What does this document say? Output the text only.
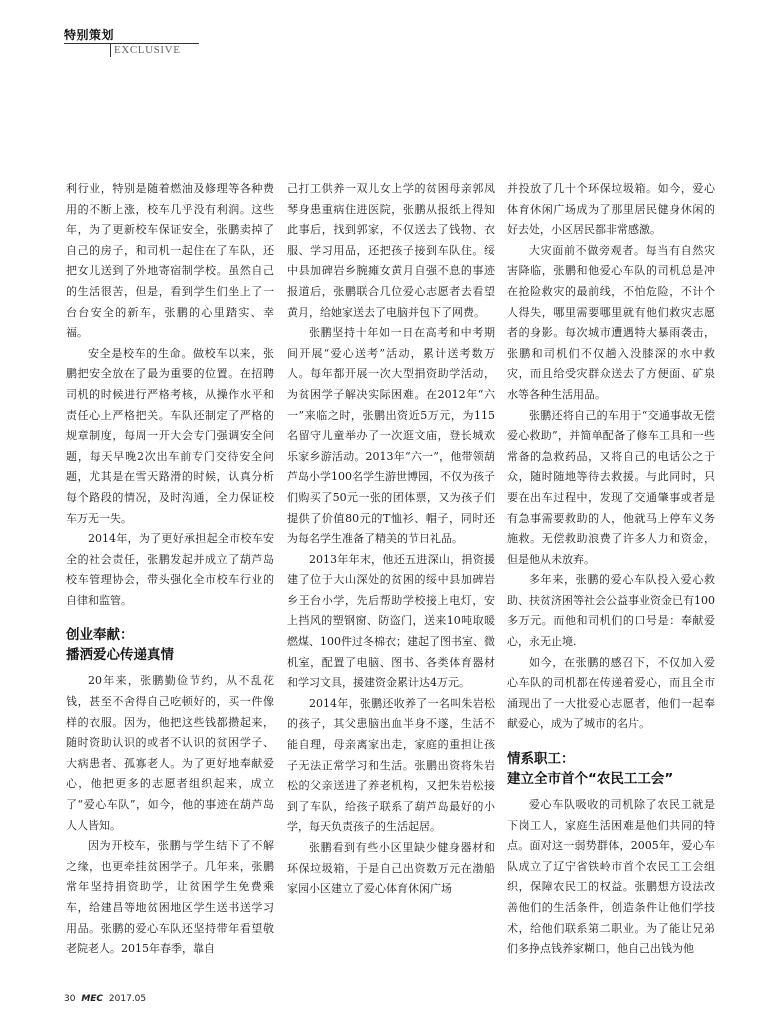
特别策划
EXCLUSIVE

利行业，特别是随着燃油及修理等各种费用的不断上涨，校车几乎没有利润。这些年，为了更新校车保证安全，张鹏卖掉了自己的房子，和司机一起住在了车队，还把女儿送到了外地寄宿制学校。虽然自己的生活很苦，但是，看到学生们坐上了一台台安全的新车，张鹏的心里踏实、幸福。

安全是校车的生命。做校车以来，张鹏把安全放在了最为重要的位置。在招聘司机的时候进行严格考核，从操作水平和责任心上严格把关。车队还制定了严格的规章制度，每周一开大会专门强调安全问题，每天早晚2次出车前专门交待安全问题，尤其是在雪天路滑的时候，认真分析每个路段的情况，及时沟通，全力保证校车万无一失。

2014年，为了更好承担起全市校车安全的社会责任，张鹏发起并成立了葫芦岛校车管理协会，带头强化全市校车行业的自律和监管。

创业奉献：
播洒爱心传递真情

20年来，张鹏勤俭节约，从不乱花钱，甚至不舍得自己吃顿好的，买一件像样的衣服。因为，他把这些钱都攒起来，随时资助认识的或者不认识的贫困学子、大病患者、孤寡老人。为了更好地奉献爱心，他把更多的志愿者组织起来，成立了“爱心车队”，如今，他的事迹在葫芦岛人人皆知。

因为开校车，张鹏与学生结下了不解之缘，也更牵挂贫困学子。几年来，张鹏常年坚持捐资助学，让贫困学生免费乘车，给建昌等地贫困地区学生送书送学习用品。张鹏的爱心车队还坚持带年看望敬老院老人。2015年春季，靠自

己打工供养一双儿女上学的贫困母亲郭凤琴身患重病住进医院，张鹏从报纸上得知此事后，找到郭家，不仅送去了钱物、衣服、学习用品，还把孩子接到车队住。绥中县加碑岩乡腕瘫女黄月自强不息的事迹报道后，张鹏联合几位爱心志愿者去看望黄月，给她家送去了电脑并包下了网费。

张鹏坚持十年如一日在高考和中考期间开展“爱心送考”活动，累计送考数万人。每年都开展一次大型捐资助学活动，为贫困学子解决实际困难。在2012年“六一”来临之时，张鹏出资近5万元，为115名留守儿童举办了一次逛文庙，登长城欢乐家乡游活动。2013年“六一”，他带领葫芦岛小学100名学生游世博园，不仅为孩子们购买了50元一张的团体票，又为孩子们提供了价值80元的T恤衫、帽子，同时还为每名学生准备了精美的节日礼品。

2013年年末，他还五进深山，捐资援建了位于大山深处的贫困的绥中县加碑岩乡王台小学，先后帮助学校接上电灯，安上挡风的塑钢窗、防盗门，送来10吨取暖燃煤、100件过冬棉衣；建起了图书室、微机室，配置了电脑、图书、各类体育器材和学习文具，援建资金累计达4万元。

2014年，张鹏还收养了一名叫朱岩松的孩子，其父患脑出血半身不遂，生活不能自理，母亲离家出走，家庭的重担让孩子无法正常学习和生活。张鹏出资将朱岩松的父亲送进了养老机构，又把朱岩松接到了车队，给孩子联系了葫芦岛最好的小学，每天负责孩子的生活起居。

张鹏看到有些小区里缺少健身器材和环保垃圾箱，于是自己出资数万元在渤船家园小区建立了爱心体育休闲广场

并投放了几十个环保垃圾箱。如今，爱心体育休闲广场成为了那里居民健身休闲的好去处，小区居民都非常感激。

大灾面前不做旁观者。每当有自然灾害降临，张鹏和他爱心车队的司机总是冲在抢险救灾的最前线，不怕危险，不计个人得失，哪里需要哪里就有他们救灾志愿者的身影。每次城市遭遇特大暴雨袭击，张鹏和司机们不仅趟入没膝深的水中救灾，而且给受灾群众送去了方便面、矿泉水等各种生活用品。

张鹏还将自己的车用于“交通事故无偿爱心救助”，并简单配备了修车工具和一些常备的急救药品，又将自己的电话公之于众，随时随地等待去救援。与此同时，只要在出车过程中，发现了交通肇事或者是有急事需要救助的人，他就马上停车义务施救。无偿救助浪费了许多人力和资金，但是他从未放弃。

多年来，张鹏的爱心车队投入爱心救助、扶贫济困等社会公益事业资金已有100多万元。而他和司机们的口号是：奉献爱心，永无止境.

如今，在张鹏的感召下，不仅加入爱心车队的司机都在传递着爱心，而且全市涌现出了一大批爱心志愿者，他们一起奉献爱心，成为了城市的名片。

情系职工：
建立全市首个“农民工工会”

爱心车队吸收的司机除了农民工就是下岗工人，家庭生活困难是他们共同的特点。面对这一弱势群体，2005年，爱心车队成立了辽宁省铁岭市首个农民工工会组织，保障农民工的权益。张鹏想方设法改善他们的生活条件，创造条件让他们学技术，给他们联系第二职业。为了能让兄弟们多挣点钱养家糊口，他自己出钱为他

30 MEC 2017.05
